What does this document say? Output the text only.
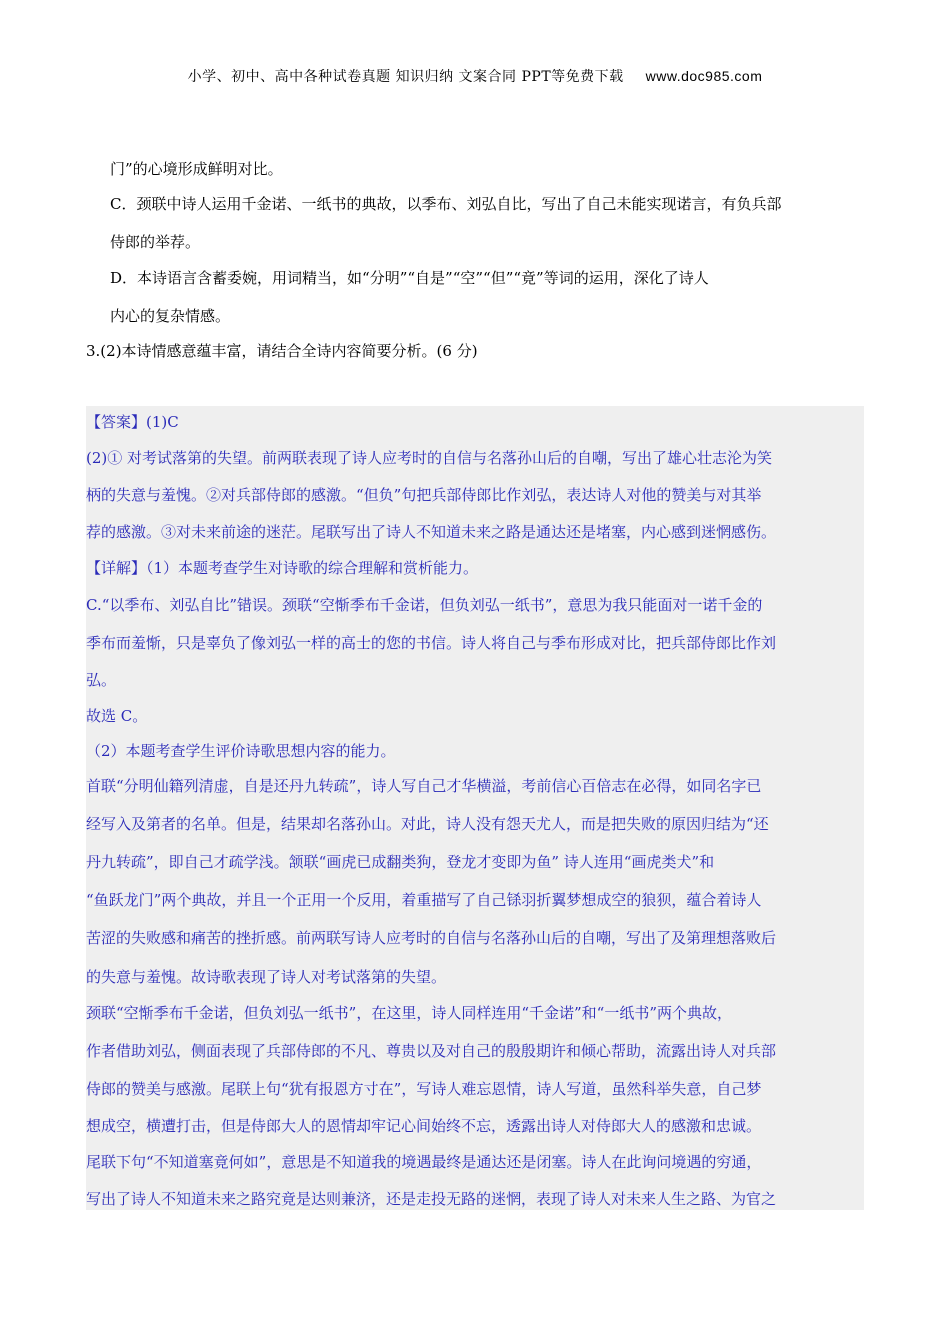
小学、初中、高中各种试卷真题 知识归纳 文案合同 PPT等免费下载 www.doc985.com
门”的心境形成鲜明对比。
C．颈联中诗人运用千金诺、一纸书的典故，以季布、刘弘自比，写出了自己未能实现诺言，有负兵部
侍郎的举荐。
D．本诗语言含蓄委婉，用词精当，如“分明”“自是”“空”“但”“竟”等词的运用，深化了诗人
内心的复杂情感。
3.(2)本诗情感意蕴丰富，请结合全诗内容简要分析。(6 分)
【答案】(1)C
(2)① 对考试落第的失望。前两联表现了诗人应考时的自信与名落孙山后的自嘲，写出了雄心壮志沦为笑
柄的失意与羞愧。②对兵部侍郎的感激。“但负”句把兵部侍郎比作刘弘，表达诗人对他的赞美与对其举
荐的感激。③对未来前途的迷茫。尾联写出了诗人不知道未来之路是通达还是堵塞，内心感到迷惘感伤。
【详解】（1）本题考查学生对诗歌的综合理解和赏析能力。
C.“以季布、刘弘自比”错误。颈联“空惭季布千金诺，但负刘弘一纸书”，意思为我只能面对一诺千金的
季布而羞惭，只是辜负了像刘弘一样的高士的您的书信。诗人将自己与季布形成对比，把兵部侍郎比作刘
弘。
故选 C。
（2）本题考查学生评价诗歌思想内容的能力。
首联“分明仙籍列清虚，自是还丹九转疏”，诗人写自己才华横溢，考前信心百倍志在必得，如同名字已
经写入及第者的名单。但是，结果却名落孙山。对此，诗人没有怨天尤人，而是把失败的原因归结为“还
丹九转疏”，即自己才疏学浅。颔联“画虎已成翻类狗，登龙才变即为鱼” 诗人连用“画虎类犬”和
“鱼跃龙门”两个典故，并且一个正用一个反用，着重描写了自己铩羽折翼梦想成空的狼狈，蕴合着诗人
苦涩的失败感和痛苦的挫折感。前两联写诗人应考时的自信与名落孙山后的自嘲，写出了及第理想落败后
的失意与羞愧。故诗歌表现了诗人对考试落第的失望。
颈联“空惭季布千金诺，但负刘弘一纸书”，在这里，诗人同样连用“千金诺”和“一纸书”两个典故，
作者借助刘弘，侧面表现了兵部侍郎的不凡、尊贵以及对自己的殷殷期许和倾心帮助，流露出诗人对兵部
侍郎的赞美与感激。尾联上句“犹有报恩方寸在”，写诗人难忘恩情，诗人写道，虽然科举失意，自己梦
想成空，横遭打击，但是侍郎大人的恩情却牢记心间始终不忘，透露出诗人对侍郎大人的感激和忠诚。
尾联下句“不知道塞竟何如”，意思是不知道我的境遇最终是通达还是闭塞。诗人在此询问境遇的穷通，
写出了诗人不知道未来之路究竟是达则兼济，还是走投无路的迷惘，表现了诗人对未来人生之路、为官之
